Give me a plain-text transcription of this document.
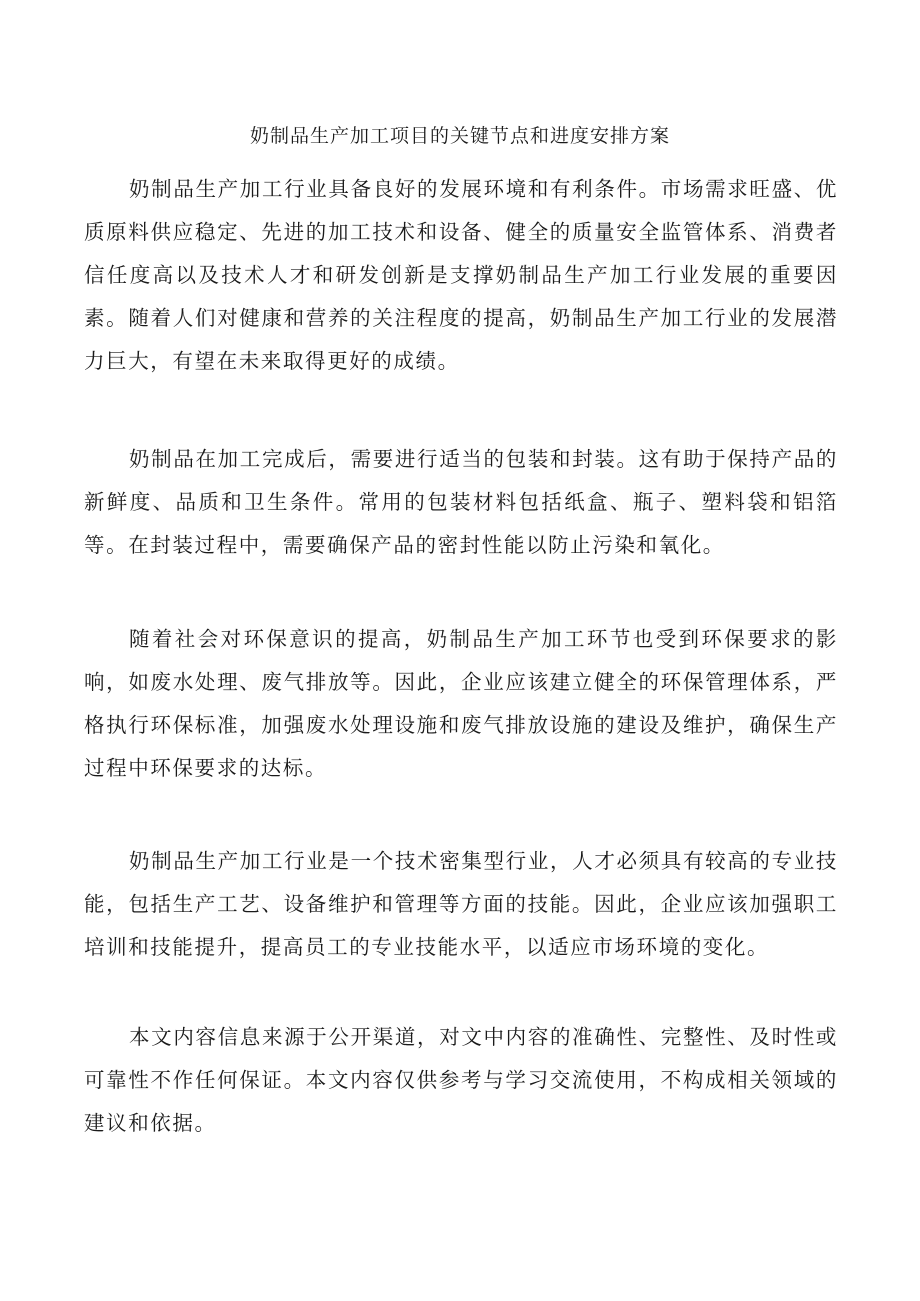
奶制品生产加工项目的关键节点和进度安排方案

奶制品生产加工行业具备良好的发展环境和有利条件。市场需求旺盛、优质原料供应稳定、先进的加工技术和设备、健全的质量安全监管体系、消费者信任度高以及技术人才和研发创新是支撑奶制品生产加工行业发展的重要因素。随着人们对健康和营养的关注程度的提高，奶制品生产加工行业的发展潜力巨大，有望在未来取得更好的成绩。

奶制品在加工完成后，需要进行适当的包装和封装。这有助于保持产品的新鲜度、品质和卫生条件。常用的包装材料包括纸盒、瓶子、塑料袋和铝箔等。在封装过程中，需要确保产品的密封性能以防止污染和氧化。

随着社会对环保意识的提高，奶制品生产加工环节也受到环保要求的影响，如废水处理、废气排放等。因此，企业应该建立健全的环保管理体系，严格执行环保标准，加强废水处理设施和废气排放设施的建设及维护，确保生产过程中环保要求的达标。

奶制品生产加工行业是一个技术密集型行业，人才必须具有较高的专业技能，包括生产工艺、设备维护和管理等方面的技能。因此，企业应该加强职工培训和技能提升，提高员工的专业技能水平，以适应市场环境的变化。

本文内容信息来源于公开渠道，对文中内容的准确性、完整性、及时性或可靠性不作任何保证。本文内容仅供参考与学习交流使用，不构成相关领域的建议和依据。
